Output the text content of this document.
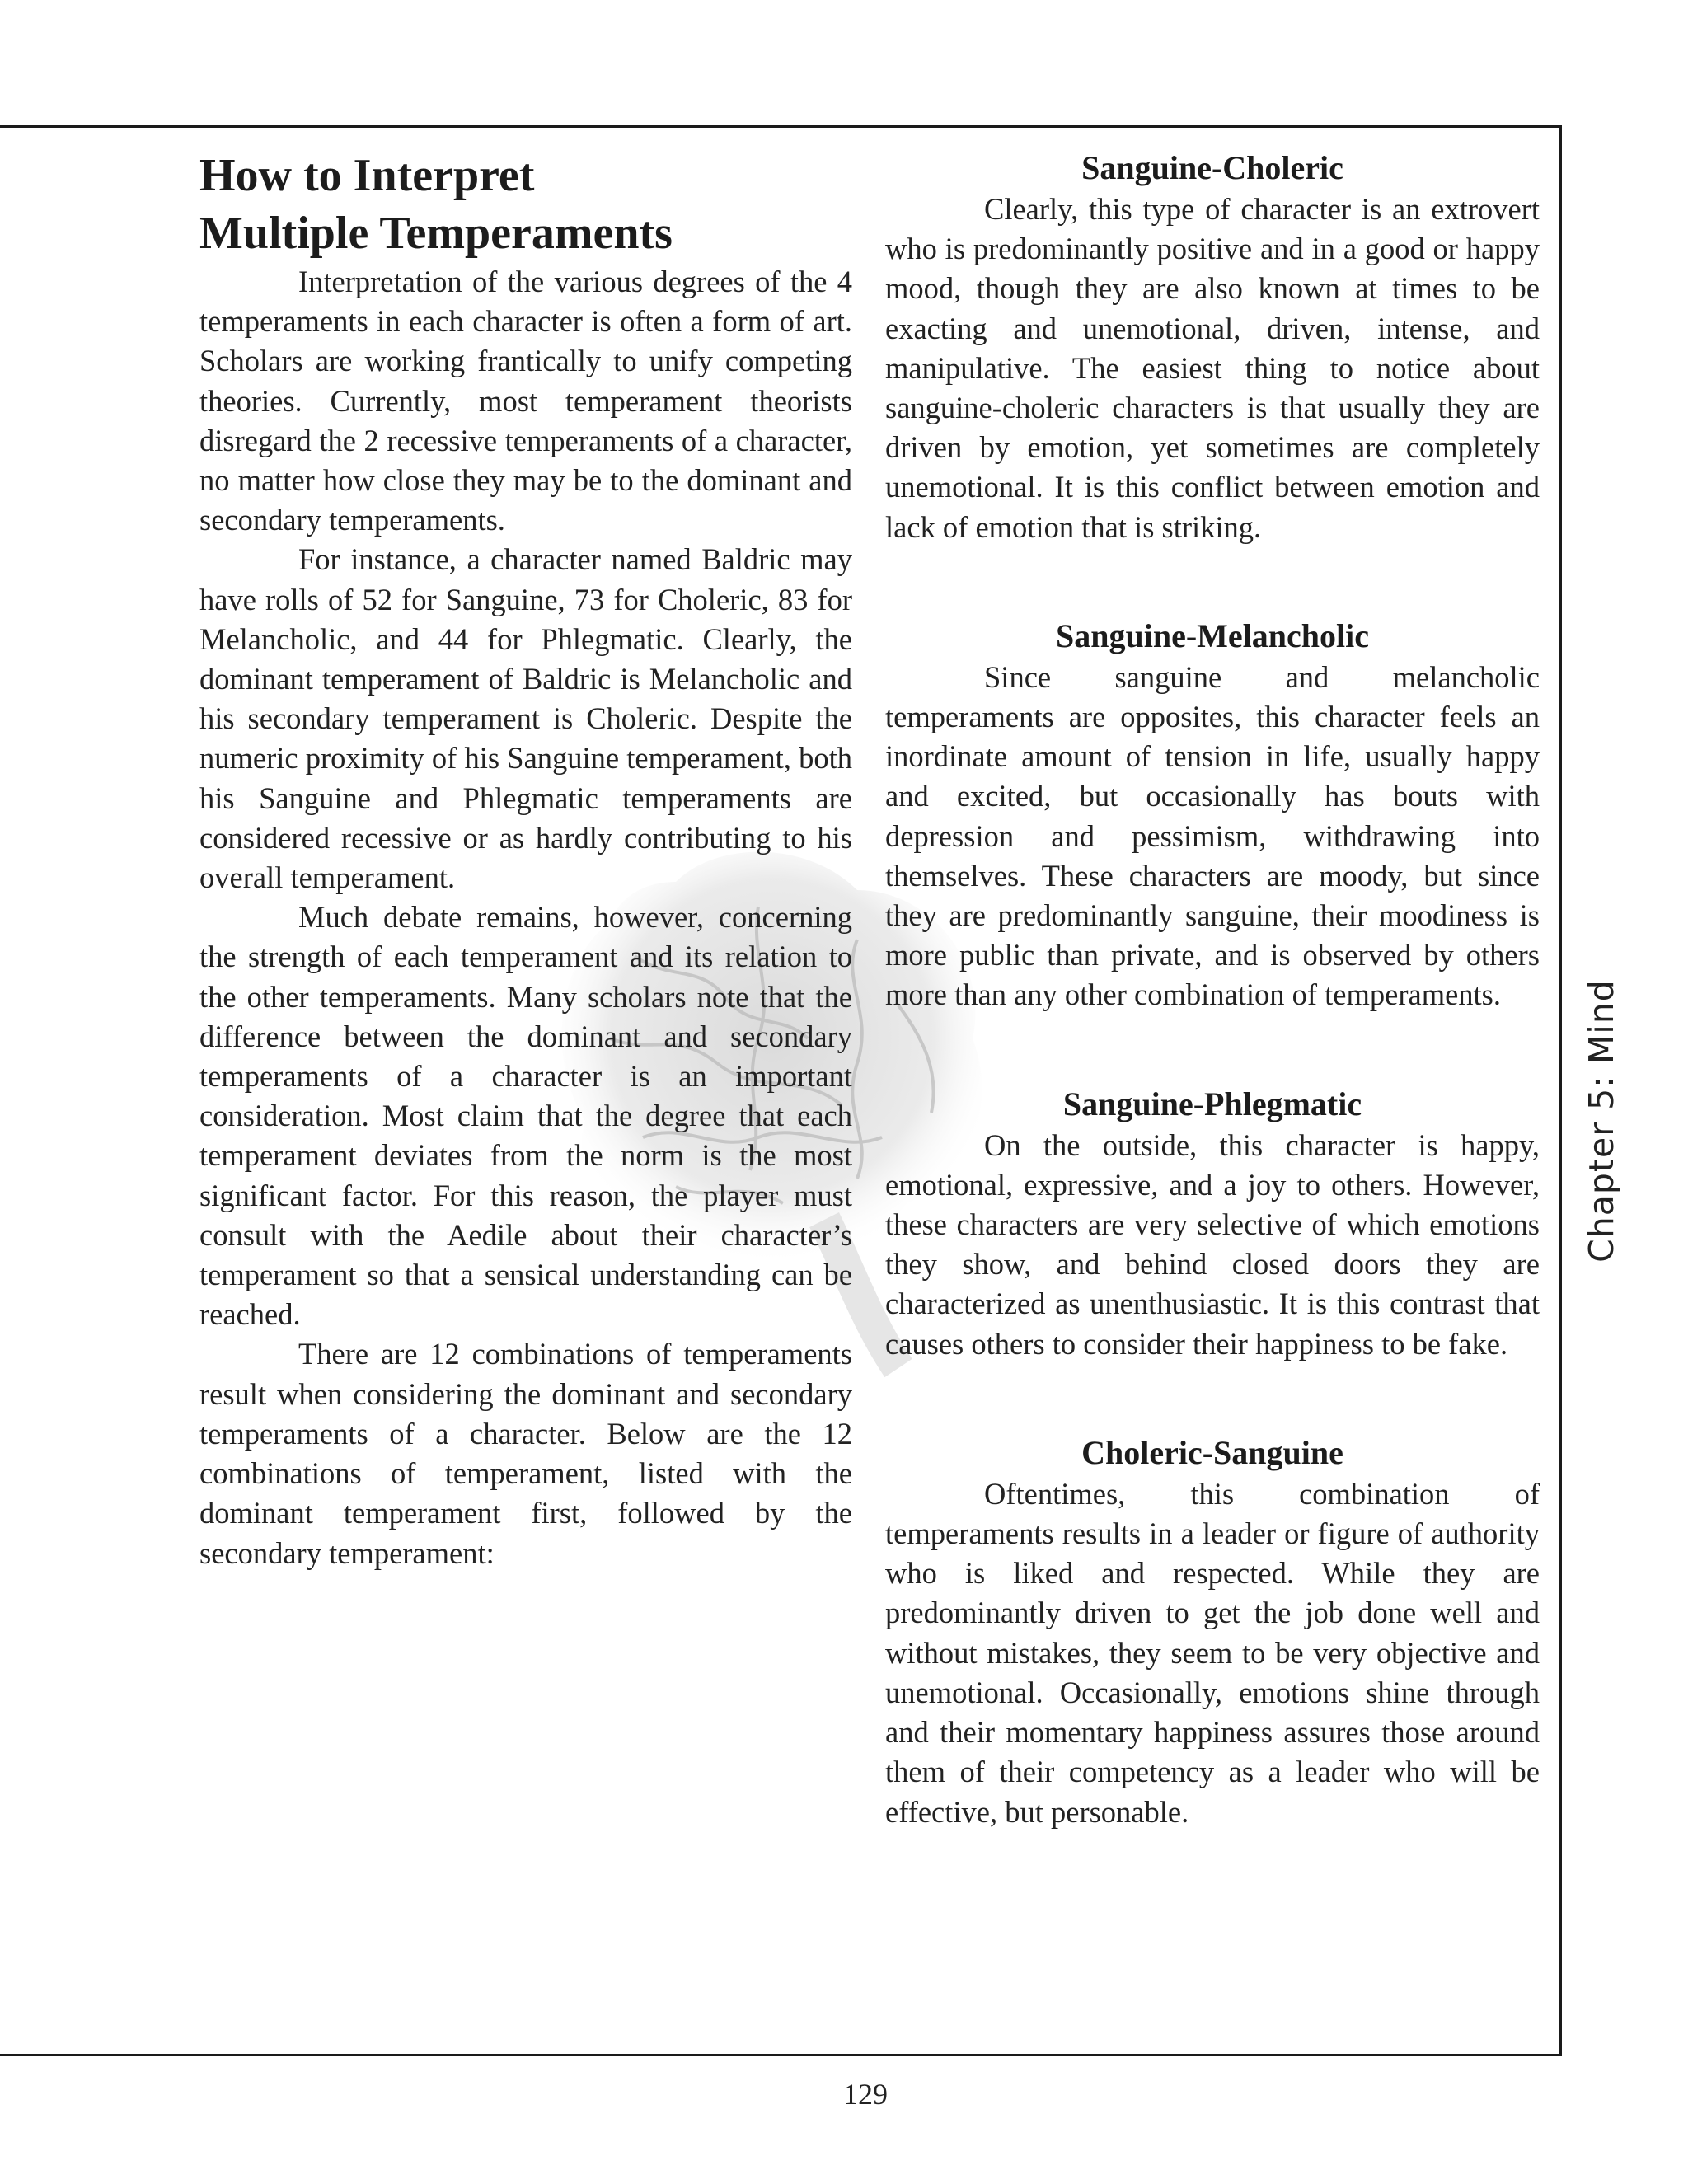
How to Interpret
Multiple Temperaments

Interpretation of the various degrees of the 4 temperaments in each character is often a form of art. Scholars are working frantically to unify competing theories. Currently, most temperament theorists disregard the 2 recessive temperaments of a character, no matter how close they may be to the dominant and secondary temperaments.

For instance, a character named Baldric may have rolls of 52 for Sanguine, 73 for Choleric, 83 for Melancholic, and 44 for Phlegmatic. Clearly, the dominant temperament of Baldric is Melancholic and his secondary temperament is Choleric. Despite the numeric proximity of his Sanguine temperament, both his Sanguine and Phlegmatic temperaments are considered recessive or as hardly contributing to his overall temperament.

Much debate remains, however, concerning the strength of each temperament and its relation to the other temperaments. Many scholars note that the difference between the dominant and secondary temperaments of a character is an important consideration. Most claim that the degree that each temperament deviates from the norm is the most significant factor. For this reason, the player must consult with the Aedile about their character’s temperament so that a sensical understanding can be reached.

There are 12 combinations of temperaments result when considering the dominant and secondary temperaments of a character. Below are the 12 combinations of temperament, listed with the dominant temperament first, followed by the secondary temperament:

Sanguine-Choleric

Clearly, this type of character is an extrovert who is predominantly positive and in a good or happy mood, though they are also known at times to be exacting and unemotional, driven, intense, and manipulative. The easiest thing to notice about sanguine-choleric characters is that usually they are driven by emotion, yet sometimes are completely unemotional. It is this conflict between emotion and lack of emotion that is striking.

Sanguine-Melancholic

Since sanguine and melancholic temperaments are opposites, this character feels an inordinate amount of tension in life, usually happy and excited, but occasionally has bouts with depression and pessimism, withdrawing into themselves. These characters are moody, but since they are predominantly sanguine, their moodiness is more public than private, and is observed by others more than any other combination of temperaments.

Sanguine-Phlegmatic

On the outside, this character is happy, emotional, expressive, and a joy to others. However, these characters are very selective of which emotions they show, and behind closed doors they are characterized as unenthusiastic. It is this contrast that causes others to consider their happiness to be fake.

Choleric-Sanguine

Oftentimes, this combination of temperaments results in a leader or figure of authority who is liked and respected. While they are predominantly driven to get the job done well and without mistakes, they seem to be very objective and unemotional. Occasionally, emotions shine through and their momentary happiness assures those around them of their competency as a leader who will be effective, but personable.

Chapter 5: Mind
129
